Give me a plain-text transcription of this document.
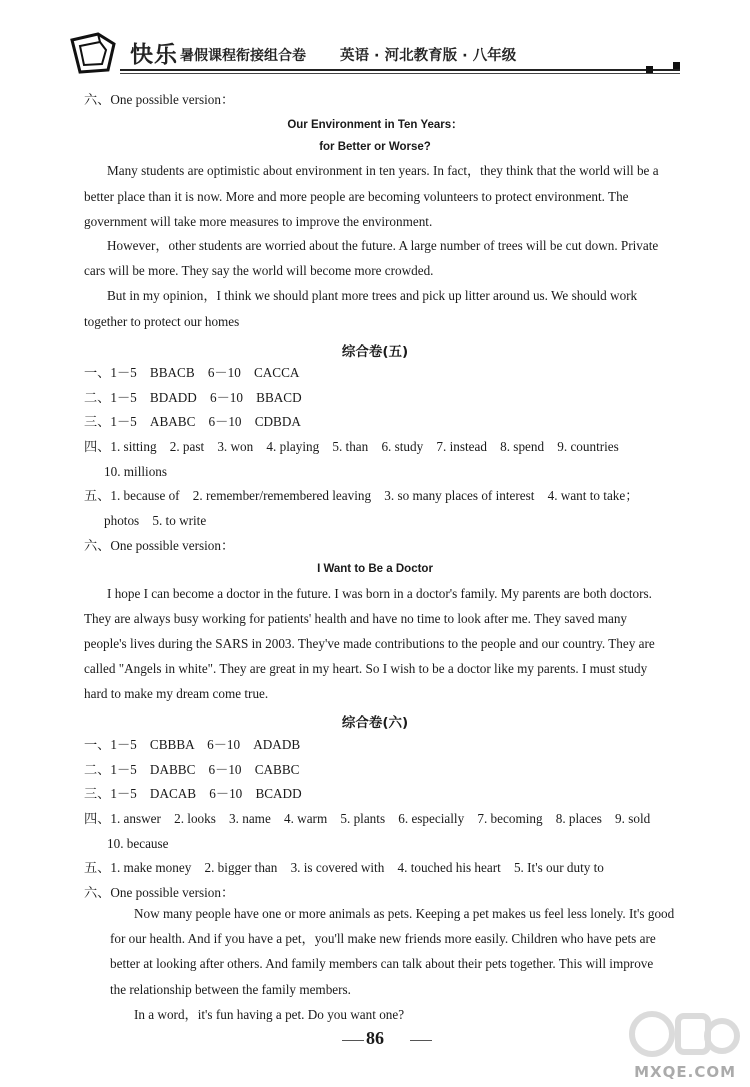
快乐 暑假课程衔接组合卷 英语 · 河北教育版 · 八年级
六、One possible version：
Our Environment in Ten Years：
for Better or Worse?
Many students are optimistic about environment in ten years. In fact，they think that the world will be a
better place than it is now. More and more people are becoming volunteers to protect environment. The
government will take more measures to improve the environment.
However，other students are worried about the future. A large number of trees will be cut down. Private
cars will be more. They say the world will become more crowded.
But in my opinion，I think we should plant more trees and pick up litter around us. We should work
together to protect our homes
综合卷(五)
一、1－5　BBACB　6－10　CACCA
二、1－5　BDADD　6－10　BBACD
三、1－5　ABABC　6－10　CDBDA
四、1. sitting　2. past　3. won　4. playing　5. than　6. study　7. instead　8. spend　9. countries
10. millions
五、1. because of　2. remember/remembered leaving　3. so many places of interest　4. want to take；
photos　5. to write
六、One possible version：
I Want to Be a Doctor
I hope I can become a doctor in the future. I was born in a doctor's family. My parents are both doctors.
They are always busy working for patients' health and have no time to look after me. They saved many
people's lives during the SARS in 2003. They've made contributions to the people and our country. They are
called "Angels in white". They are great in my heart. So I wish to be a doctor like my parents. I must study
hard to make my dream come true.
综合卷(六)
一、1－5　CBBBA　6－10　ADADB
二、1－5　DABBC　6－10　CABBC
三、1－5　DACAB　6－10　BCADD
四、1. answer　2. looks　3. name　4. warm　5. plants　6. especially　7. becoming　8. places　9. sold
10. because
五、1. make money　2. bigger than　3. is covered with　4. touched his heart　5. It's our duty to
六、One possible version：
Now many people have one or more animals as pets. Keeping a pet makes us feel less lonely. It's good
for our health. And if you have a pet，you'll make new friends more easily. Children who have pets are
better at looking after others. And family members can talk about their pets together. This will improve
the relationship between the family members.
In a word，it's fun having a pet. Do you want one?
86
MXQE.COM
